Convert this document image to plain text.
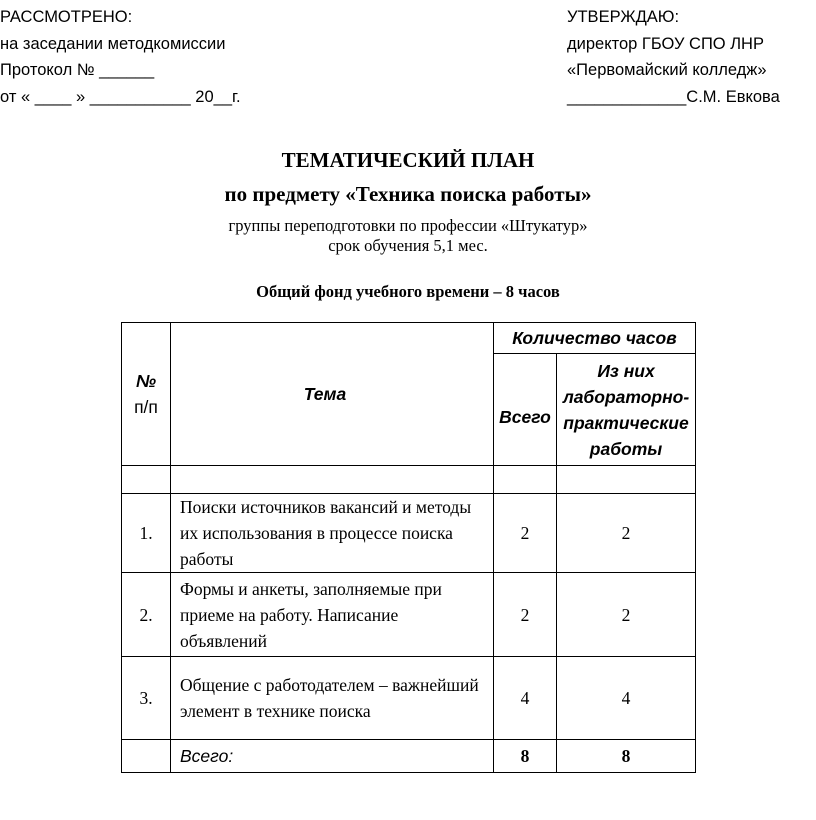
РАССМОТРЕНО:
на заседании методкомиссии
Протокол № ______
от « ____ » ___________ 20__г.
УТВЕРЖДАЮ:
директор ГБОУ СПО ЛНР
«Первомайский колледж»
_____________С.М. Евкова
ТЕМАТИЧЕСКИЙ ПЛАН
по предмету «Техника поиска работы»
группы переподготовки по профессии «Штукатур»
срок обучения 5,1 мес.
Общий фонд учебного времени – 8 часов
№
п/п	Тема	Количество часов	
		Всего	Из них лабораторно-практические работы

1.	Поиски источников вакансий и методы их использования в процессе поиска работы	2	2
2.	Формы и анкеты, заполняемые при приеме на работу. Написание объявлений	2	2
3.	Общение с работодателем – важнейший элемент в технике поиска	4	4
	Всего:	8	8
